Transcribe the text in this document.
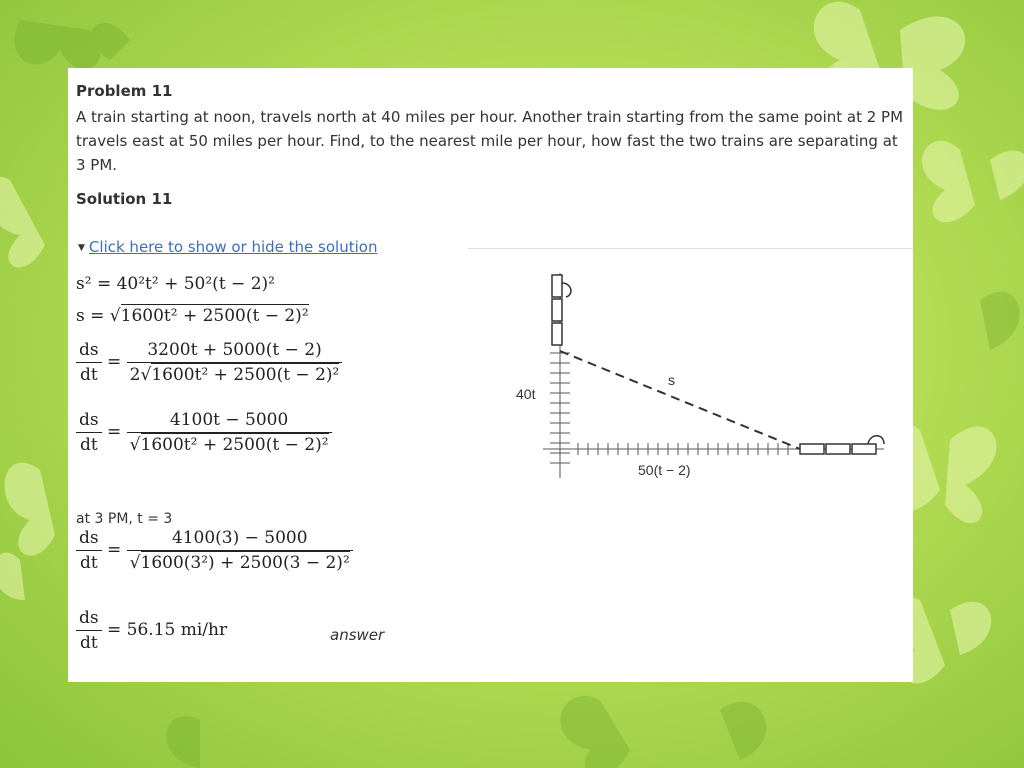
Problem 11
A train starting at noon, travels north at 40 miles per hour. Another train starting from the same point at 2 PM travels east at 50 miles per hour. Find, to the nearest mile per hour, how fast the two trains are separating at 3 PM.
Solution 11
▼ Click here to show or hide the solution
s² = 40²t² + 50²(t − 2)²
s = √1600t² + 2500(t − 2)²
$\frac{ds}{dt} = \frac{3200t + 5000(t - 2)}{\text{2√1600t² + 2500(t − 2)²}}$
$\frac{ds}{dt} = \frac{4100t - 5000}{\text{√1600t² + 2500(t − 2)²}}$
at 3 PM, t = 3
$\frac{ds}{dt} = \frac{4100(3) - 5000}{\text{√1600(3²) + 2500(3 − 2)²}}$
$\frac{ds}{dt} = 56.15$ mi/hr	answer
40t
50(t − 2)
s
